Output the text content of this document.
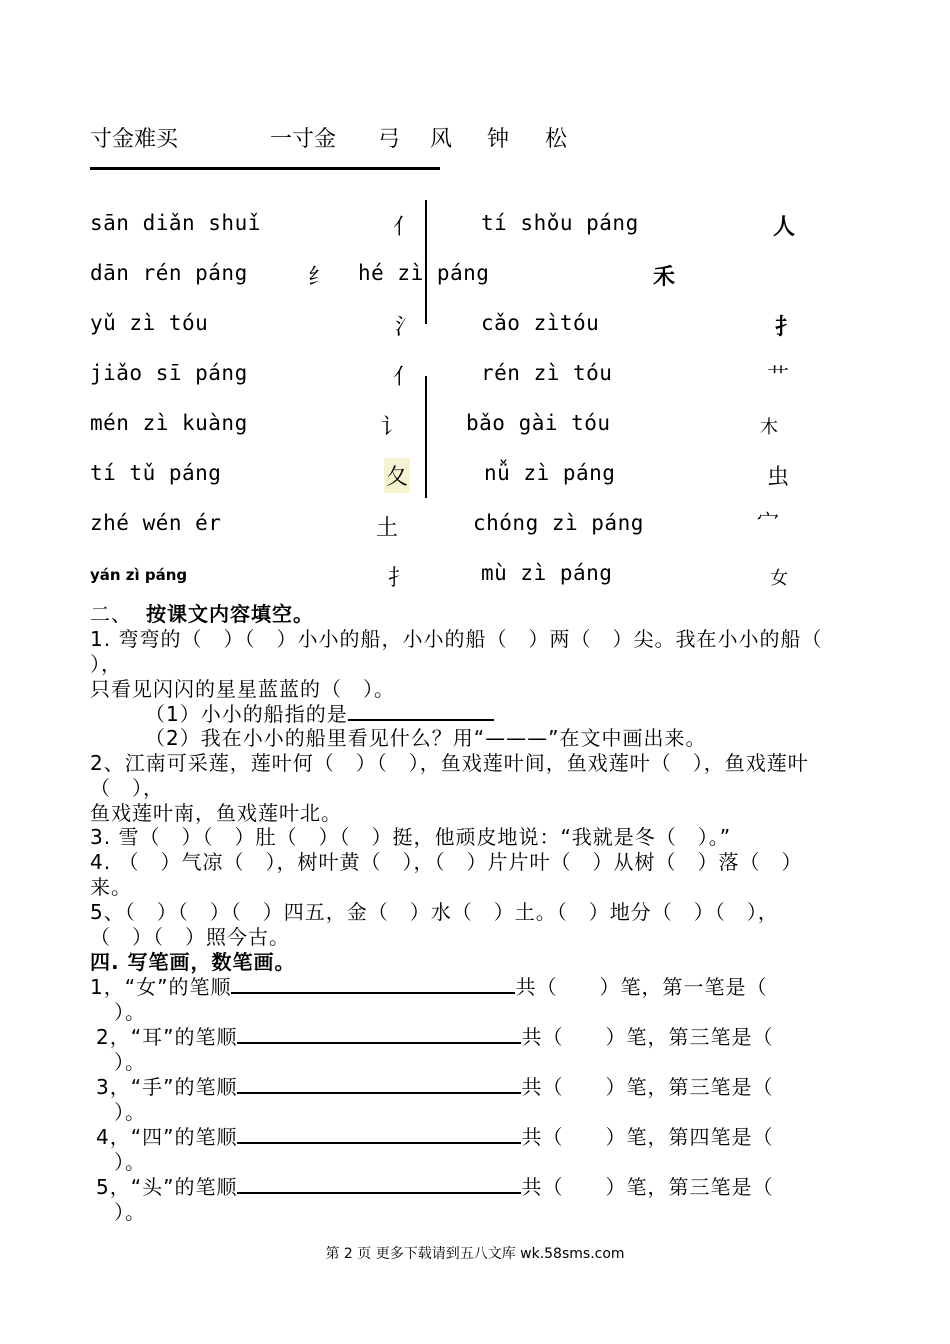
寸金难买	一寸金 弓 风 钟 松
sān diǎn shuǐ	亻	tí shǒu páng	人
dān rén páng	纟 hé zì páng	禾
yǔ zì tóu	氵	cǎo zìtóu	扌
jiǎo sī páng	亻	rén zì tóu	艹
mén zì kuàng	讠	bǎo gài tóu	木
tí tǔ páng	夂	nǚ zì páng	虫
zhé wén ér	土	chóng zì páng	宀
yán zì páng	扌	mù zì páng	女
二、 按课文内容填空。
1. 弯弯的（　）（　）小小的船，小小的船（　）两（　）尖。我在小小的船（
），
只看见闪闪的星星蓝蓝的（　）。
（1）小小的船指的是
（2）我在小小的船里看见什么？用“———”在文中画出来。
2、江南可采莲，莲叶何（　）（　），鱼戏莲叶间，鱼戏莲叶（　），鱼戏莲叶
（　），
鱼戏莲叶南，鱼戏莲叶北。
3. 雪（　）（　）肚（　）（　）挺，他顽皮地说：“我就是冬（　）。”
4. （　）气凉（　），树叶黄（　），（　）片片叶（　）从树（　）落（　）
来。
5、（　）（　）（　）四五，金（　）水（　）土。（　）地分（　）（　），
（　）（　）照今古。
四. 写笔画，数笔画。
1，“女”的笔顺	共（　　）笔，第一笔是（
）。
2，“耳”的笔顺	共（　　）笔，第三笔是（
）。
3，“手”的笔顺	共（　　）笔，第三笔是（
）。
4，“四”的笔顺	共（　　）笔，第四笔是（
）。
5，“头”的笔顺	共（　　）笔，第三笔是（
）。
第 2 页 更多下载请到五八文库 wk.58sms.com
